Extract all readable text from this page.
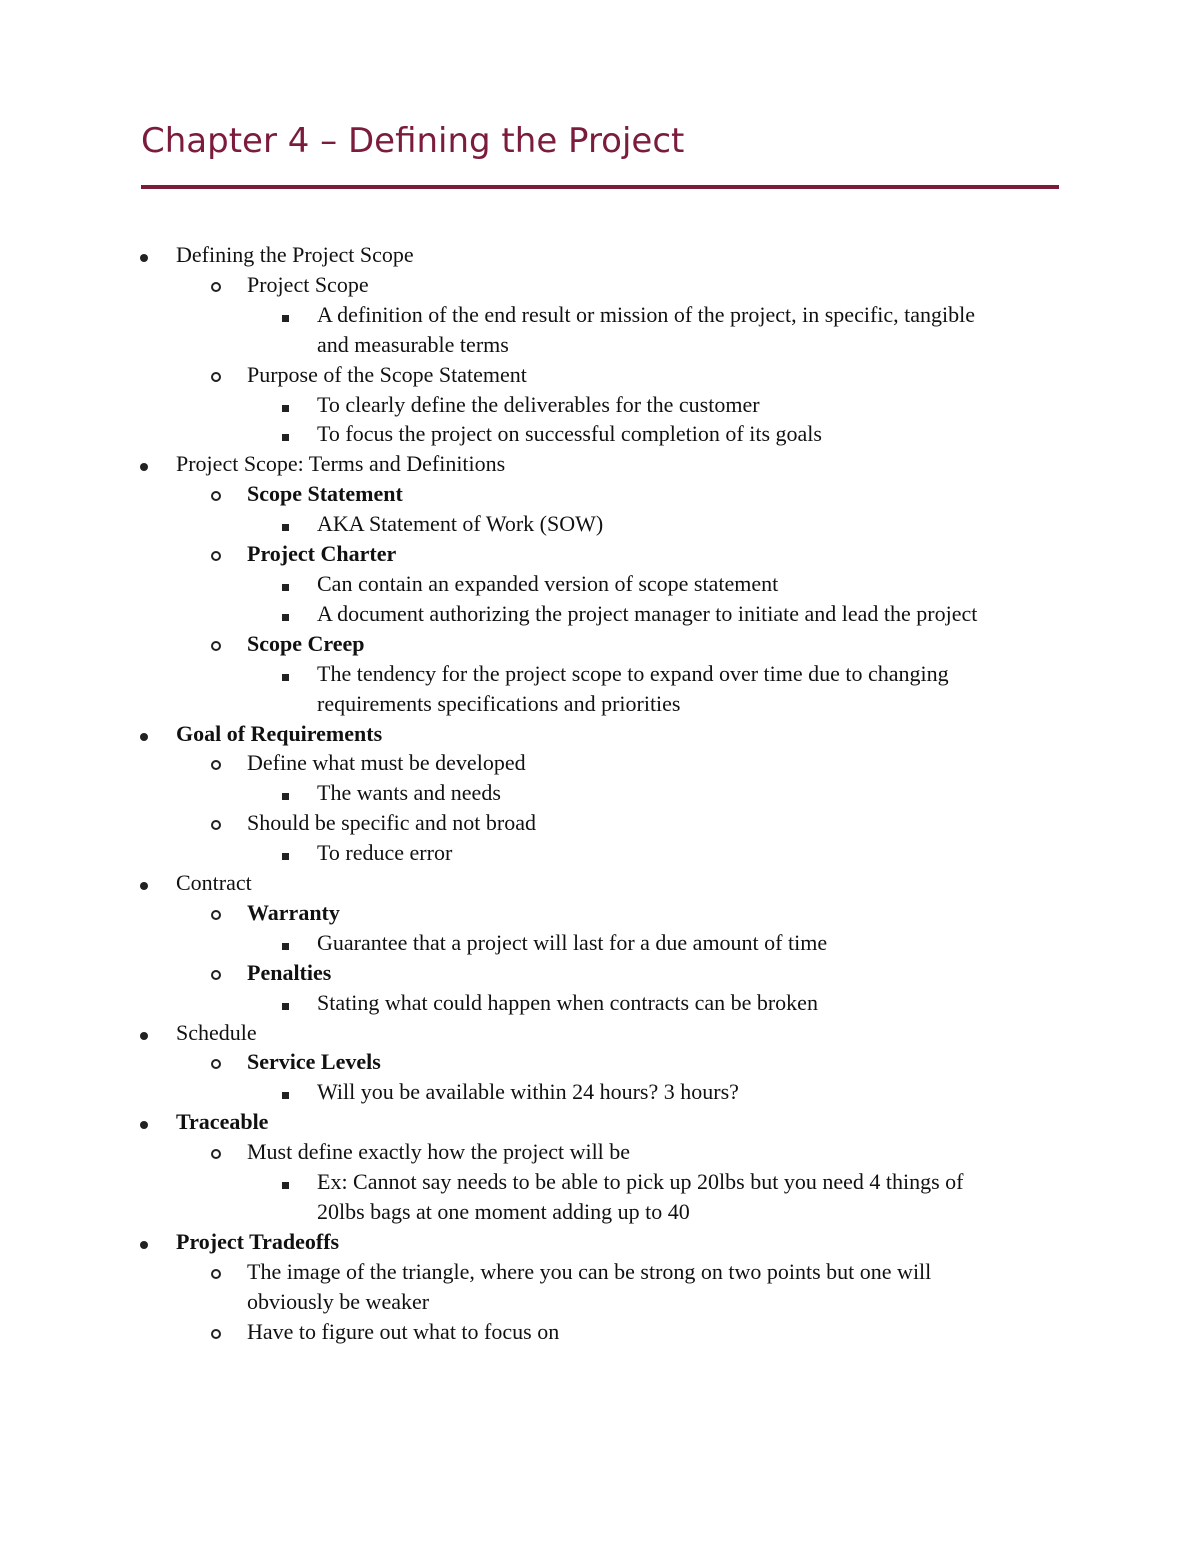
Chapter 4 – Defining the Project
Defining the Project Scope
Project Scope
A definition of the end result or mission of the project, in specific, tangible
and measurable terms
Purpose of the Scope Statement
To clearly define the deliverables for the customer
To focus the project on successful completion of its goals
Project Scope: Terms and Definitions
Scope Statement
AKA Statement of Work (SOW)
Project Charter
Can contain an expanded version of scope statement
A document authorizing the project manager to initiate and lead the project
Scope Creep
The tendency for the project scope to expand over time due to changing
requirements specifications and priorities
Goal of Requirements
Define what must be developed
The wants and needs
Should be specific and not broad
To reduce error
Contract
Warranty
Guarantee that a project will last for a due amount of time
Penalties
Stating what could happen when contracts can be broken
Schedule
Service Levels
Will you be available within 24 hours? 3 hours?
Traceable
Must define exactly how the project will be
Ex: Cannot say needs to be able to pick up 20lbs but you need 4 things of
20lbs bags at one moment adding up to 40
Project Tradeoffs
The image of the triangle, where you can be strong on two points but one will
obviously be weaker
Have to figure out what to focus on
